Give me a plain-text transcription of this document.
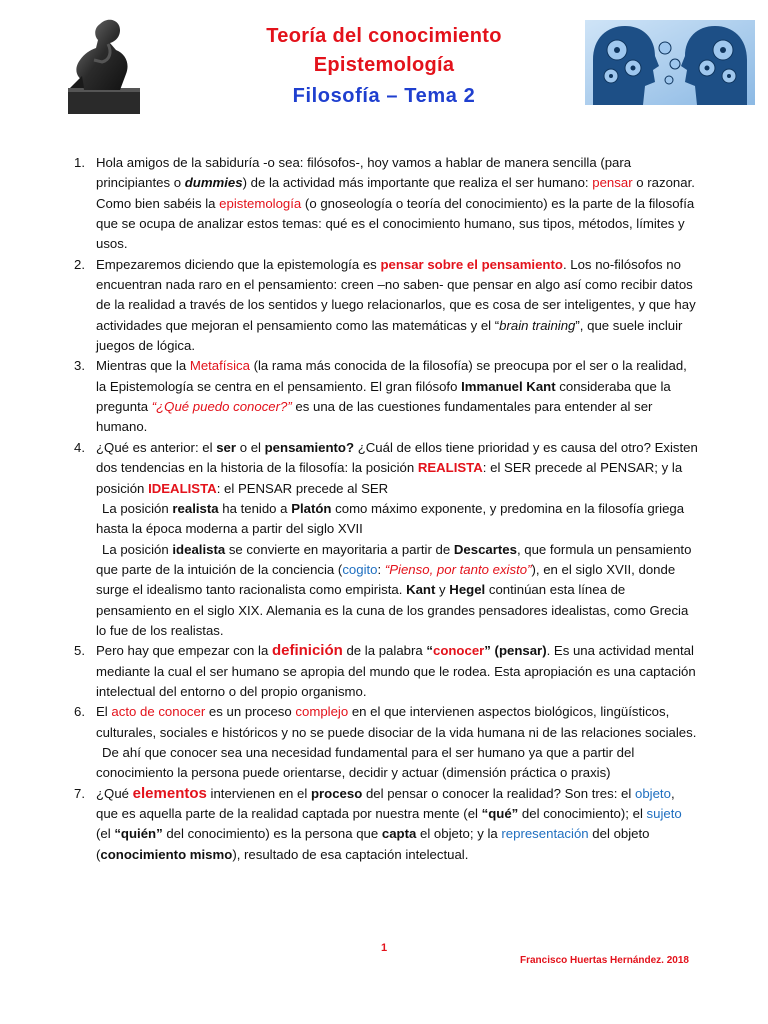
Teoría del conocimiento
Epistemología
Filosofía – Tema 2
1. Hola amigos de la sabiduría -o sea: filósofos-, hoy vamos a hablar de manera sencilla (para principiantes o dummies) de la actividad más importante que realiza el ser humano: pensar o razonar. Como bien sabéis la epistemología (o gnoseología o teoría del conocimiento) es la parte de la filosofía que se ocupa de analizar estos temas: qué es el conocimiento humano, sus tipos, métodos, límites y usos.

2. Empezaremos diciendo que la epistemología es pensar sobre el pensamiento. Los no-filósofos no encuentran nada raro en el pensamiento: creen –no saben- que pensar en algo así como recibir datos de la realidad a través de los sentidos y luego relacionarlos, que es cosa de ser inteligentes, y que hay actividades que mejoran el pensamiento como las matemáticas y el “brain training”, que suele incluir juegos de lógica.

3. Mientras que la Metafísica (la rama más conocida de la filosofía) se preocupa por el ser o la realidad, la Epistemología se centra en el pensamiento. El gran filósofo Immanuel Kant consideraba que la pregunta “¿Qué puedo conocer?” es una de las cuestiones fundamentales para entender al ser humano.

4. ¿Qué es anterior: el ser o el pensamiento? ¿Cuál de ellos tiene prioridad y es causa del otro? Existen dos tendencias en la historia de la filosofía: la posición REALISTA: el SER precede al PENSAR; y la posición IDEALISTA: el PENSAR precede al SER

La posición realista ha tenido a Platón como máximo exponente, y predomina en la filosofía griega hasta la época moderna a partir del siglo XVII

La posición idealista se convierte en mayoritaria a partir de Descartes, que formula un pensamiento que parte de la intuición de la conciencia (cogito: “Pienso, por tanto existo”), en el siglo XVII, donde surge el idealismo tanto racionalista como empirista. Kant y Hegel continúan esta línea de pensamiento en el siglo XIX. Alemania es la cuna de los grandes pensadores idealistas, como Grecia lo fue de los realistas.

5. Pero hay que empezar con la definición de la palabra “conocer” (pensar). Es una actividad mental mediante la cual el ser humano se apropia del mundo que le rodea. Esta apropiación es una captación intelectual del entorno o del propio organismo.

6. El acto de conocer es un proceso complejo en el que intervienen aspectos biológicos, lingüísticos, culturales, sociales e históricos y no se puede disociar de la vida humana ni de las relaciones sociales.

De ahí que conocer sea una necesidad fundamental para el ser humano ya que a partir del conocimiento la persona puede orientarse, decidir y actuar (dimensión práctica o praxis)

7. ¿Qué elementos intervienen en el proceso del pensar o conocer la realidad? Son tres: el objeto, que es aquella parte de la realidad captada por nuestra mente (el “qué” del conocimiento); el sujeto (el “quién” del conocimiento) es la persona que capta el objeto; y la representación del objeto (conocimiento mismo), resultado de esa captación intelectual.

1
Francisco Huertas Hernández. 2018
